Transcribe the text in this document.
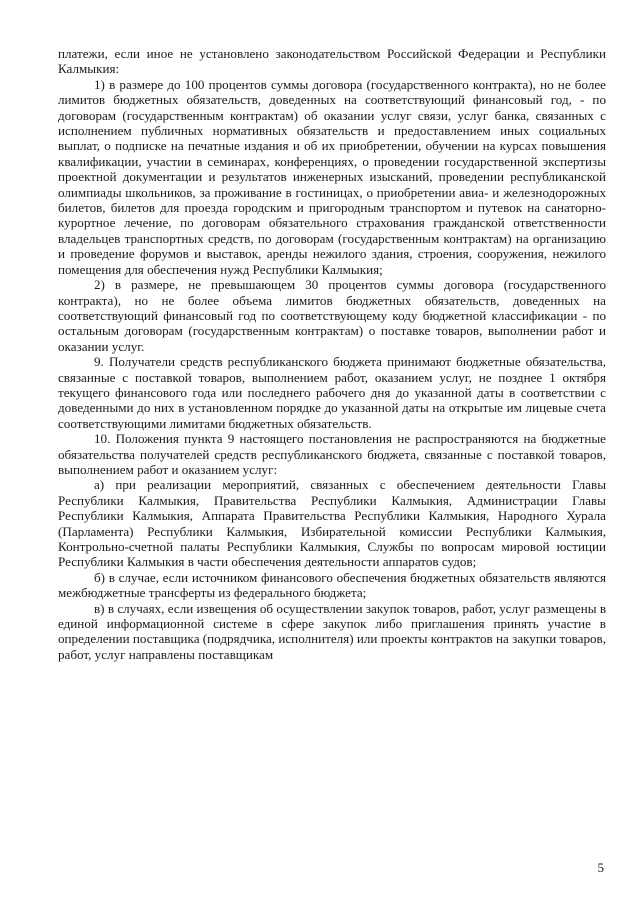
платежи, если иное не установлено законодательством Российской Федерации и Республики Калмыкия:

1) в размере до 100 процентов суммы договора (государственного контракта), но не более лимитов бюджетных обязательств, доведенных на соответствующий финансовый год, - по договорам (государственным контрактам) об оказании услуг связи, услуг банка, связанных с исполнением публичных нормативных обязательств и предоставлением иных социальных выплат, о подписке на печатные издания и об их приобретении, обучении на курсах повышения квалификации, участии в семинарах, конференциях, о проведении государственной экспертизы проектной документации и результатов инженерных изысканий, проведении республиканской олимпиады школьников, за проживание в гостиницах, о приобретении авиа- и железнодорожных билетов, билетов для проезда городским и пригородным транспортом и путевок на санаторно-курортное лечение, по договорам обязательного страхования гражданской ответственности владельцев транспортных средств, по договорам (государственным контрактам) на организацию и проведение форумов и выставок, аренды нежилого здания, строения, сооружения, нежилого помещения для обеспечения нужд Республики Калмыкия;

2) в размере, не превышающем 30 процентов суммы договора (государственного контракта), но не более объема лимитов бюджетных обязательств, доведенных на соответствующий финансовый год по соответствующему коду бюджетной классификации - по остальным договорам (государственным контрактам) о поставке товаров, выполнении работ и оказании услуг.

9. Получатели средств республиканского бюджета принимают бюджетные обязательства, связанные с поставкой товаров, выполнением работ, оказанием услуг, не позднее 1 октября текущего финансового года или последнего рабочего дня до указанной даты в соответствии с доведенными до них в установленном порядке до указанной даты на открытые им лицевые счета соответствующими лимитами бюджетных обязательств.

10. Положения пункта 9 настоящего постановления не распространяются на бюджетные обязательства получателей средств республиканского бюджета, связанные с поставкой товаров, выполнением работ и оказанием услуг:

а) при реализации мероприятий, связанных с обеспечением деятельности Главы Республики Калмыкия, Правительства Республики Калмыкия, Администрации Главы Республики Калмыкия, Аппарата Правительства Республики Калмыкия, Народного Хурала (Парламента) Республики Калмыкия, Избирательной комиссии Республики Калмыкия, Контрольно-счетной палаты Республики Калмыкия, Службы по вопросам мировой юстиции Республики Калмыкия в части обеспечения деятельности аппаратов судов;

б) в случае, если источником финансового обеспечения бюджетных обязательств являются межбюджетные трансферты из федерального бюджета;

в) в случаях, если извещения об осуществлении закупок товаров, работ, услуг размещены в единой информационной системе в сфере закупок либо приглашения принять участие в определении поставщика (подрядчика, исполнителя) или проекты контрактов на закупки товаров, работ, услуг направлены поставщикам

5
